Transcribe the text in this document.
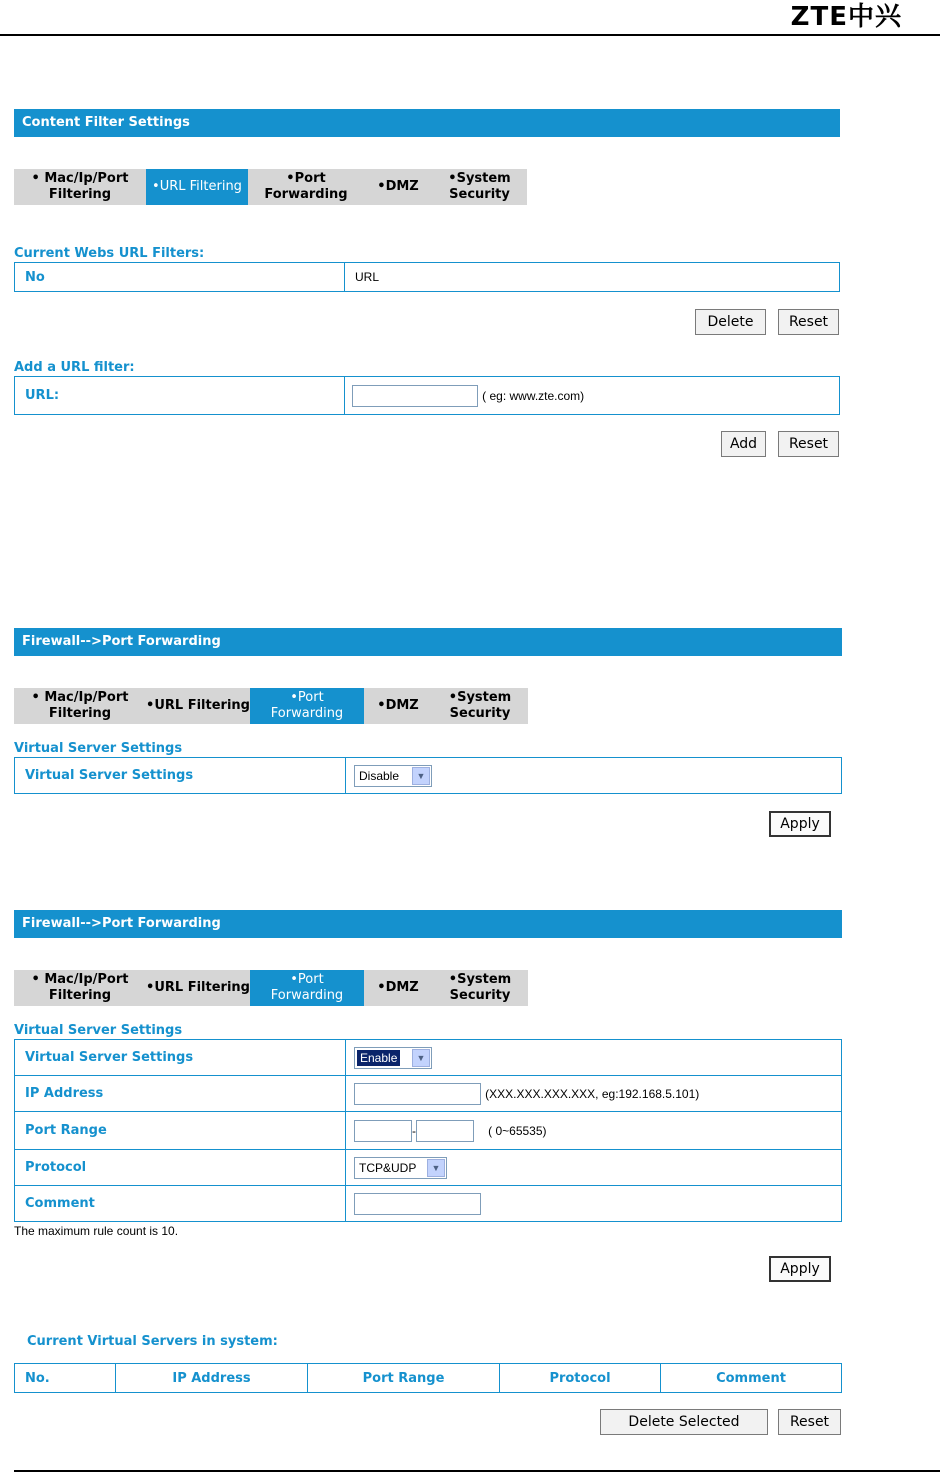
ZTE中兴
Content Filter Settings
• Mac/Ip/Port
Filtering
•URL Filtering
•Port
Forwarding
•DMZ
•System
Security
Current Webs URL Filters:
No	URL
Delete	Reset
Add a URL filter:
URL:	( eg: www.zte.com)
Add	Reset
Firewall-->Port Forwarding
• Mac/Ip/Port
Filtering
•URL Filtering
•Port
Forwarding
•DMZ
•System
Security
Virtual Server Settings
Virtual Server Settings	Disable	▼
Apply
Firewall-->Port Forwarding
• Mac/Ip/Port
Filtering
•URL Filtering
•Port
Forwarding
•DMZ
•System
Security
Virtual Server Settings
Virtual Server Settings	Enable ▼

IP Address	(XXX.XXX.XXX.XXX, eg:192.168.5.101)
Port Range	- ( 0~65535)
Protocol	TCP&UDP ▼

Comment	
The maximum rule count is 10.
Apply
Current Virtual Servers in system:
No.	IP Address	Port Range	Protocol	Comment
Delete Selected	Reset
